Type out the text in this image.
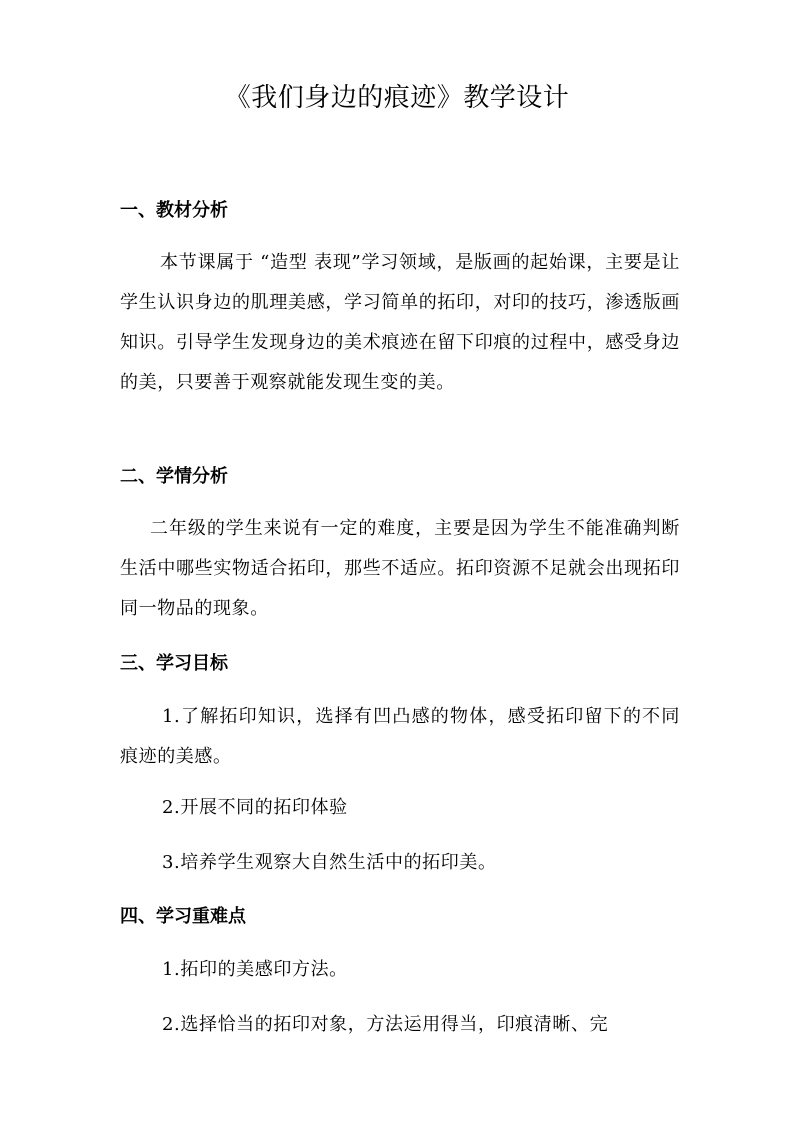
《我们身边的痕迹》教学设计
一、教材分析
本节课属于 “造型 表现”学习领域，是版画的起始课，主要是让学生认识身边的肌理美感，学习简单的拓印，对印的技巧，渗透版画知识。引导学生发现身边的美术痕迹在留下印痕的过程中，感受身边的美，只要善于观察就能发现生变的美。
二、学情分析
二年级的学生来说有一定的难度，主要是因为学生不能准确判断生活中哪些实物适合拓印，那些不适应。拓印资源不足就会出现拓印同一物品的现象。
三、学习目标
1.了解拓印知识，选择有凹凸感的物体，感受拓印留下的不同痕迹的美感。
2.开展不同的拓印体验
3.培养学生观察大自然生活中的拓印美。
四、学习重难点
1.拓印的美感印方法。
2.选择恰当的拓印对象，方法运用得当，印痕清晰、完
